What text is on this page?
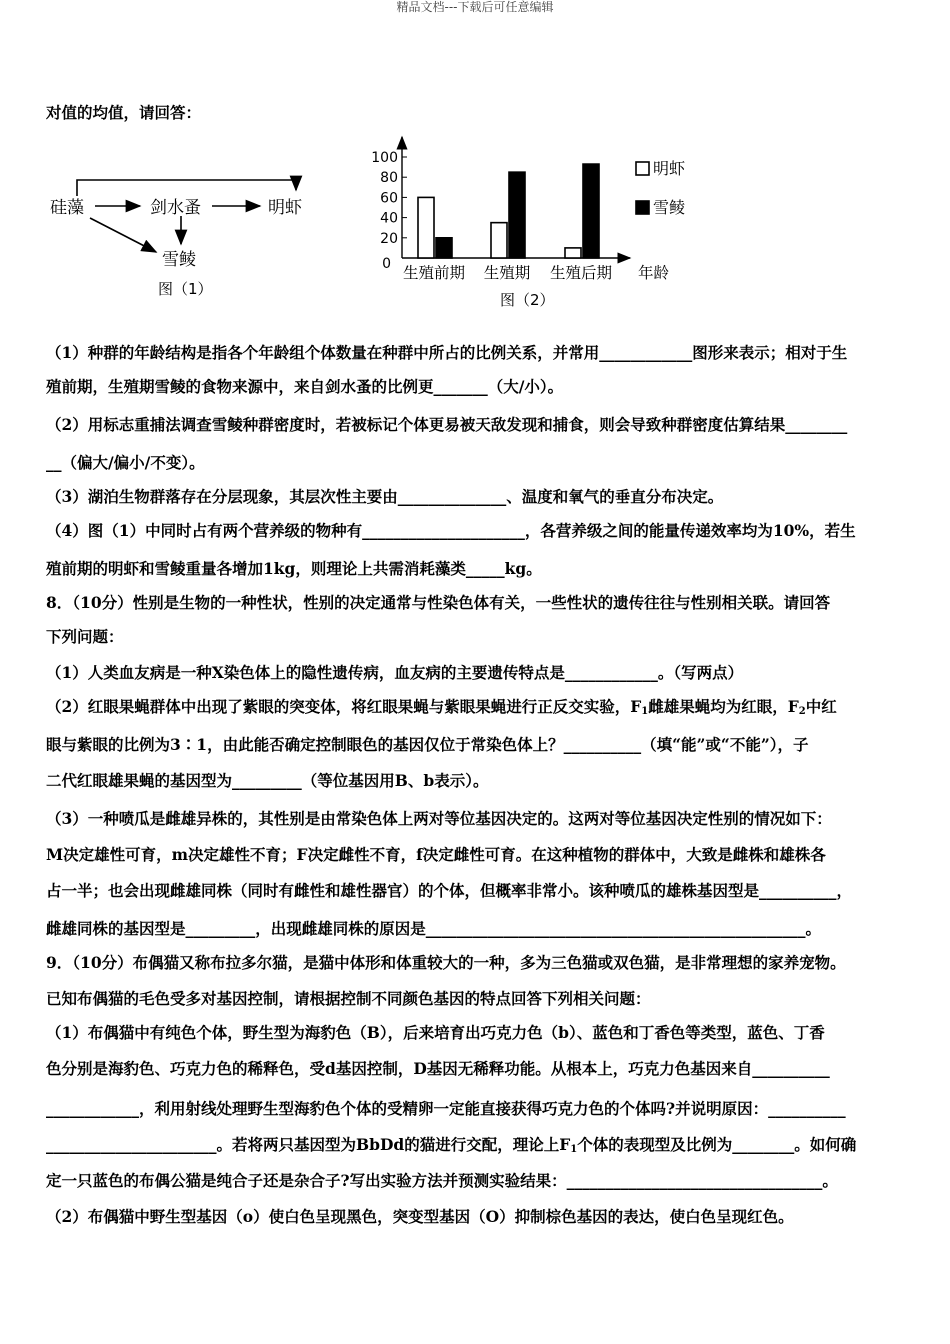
精品文档---下载后可任意编辑
对值的均值，请回答：
硅藻	剑水蚤	明虾
雪鲮
图（1）
100
80
60
40
20
0 生殖前期 生殖期 生殖后期 年龄
明虾
雪鲮
图（2）
（1）种群的年龄结构是指各个年龄组个体数量在种群中所占的比例关系，并常用____________图形来表示；相对于生
殖前期，生殖期雪鲮的食物来源中，来自剑水蚤的比例更_______（大/小）。
（2）用标志重捕法调查雪鲮种群密度时，若被标记个体更易被天敌发现和捕食，则会导致种群密度估算结果________
__（偏大/偏小/不变）。
（3）湖泊生物群落存在分层现象，其层次性主要由______________、温度和氧气的垂直分布决定。
（4）图（1）中同时占有两个营养级的物种有_____________________，各营养级之间的能量传递效率均为10%，若生
殖前期的明虾和雪鲮重量各增加1kg，则理论上共需消耗藻类_____kg。
8．（10分）性别是生物的一种性状，性别的决定通常与性染色体有关，一些性状的遗传往往与性别相关联。请回答
下列问题：
（1）人类血友病是一种X染色体上的隐性遗传病，血友病的主要遗传特点是____________。（写两点）
（2）红眼果蝇群体中出现了紫眼的突变体，将红眼果蝇与紫眼果蝇进行正反交实验，$F_1$雌雄果蝇均为红眼，$F_2$中红
眼与紫眼的比例为3∶1，由此能否确定控制眼色的基因仅位于常染色体上？__________（填“能”或“不能”），子
二代红眼雄果蝇的基因型为_________（等位基因用B、b表示）。
（3）一种喷瓜是雌雄异株的，其性别是由常染色体上两对等位基因决定的。这两对等位基因决定性别的情况如下：
M决定雄性可育，m决定雄性不育；F决定雌性不育，f决定雌性可育。在这种植物的群体中，大致是雌株和雄株各
占一半；也会出现雌雄同株（同时有雌性和雄性器官）的个体，但概率非常小。该种喷瓜的雄株基因型是__________，
雌雄同株的基因型是_________，出现雌雄同株的原因是_________________________________________________。
9．（10分）布偶猫又称布拉多尔猫，是猫中体形和体重较大的一种，多为三色猫或双色猫，是非常理想的家养宠物。
已知布偶猫的毛色受多对基因控制，请根据控制不同颜色基因的特点回答下列相关问题：
（1）布偶猫中有纯色个体，野生型为海豹色（B），后来培育出巧克力色（b）、蓝色和丁香色等类型，蓝色、丁香
色分别是海豹色、巧克力色的稀释色，受d基因控制，D基因无稀释功能。从根本上，巧克力色基因来自__________
____________，利用射线处理野生型海豹色个体的受精卵一定能直接获得巧克力色的个体吗?并说明原因：__________
______________________。若将两只基因型为BbDd的猫进行交配，理论上$F_1$个体的表现型及比例为________。如何确
定一只蓝色的布偶公猫是纯合子还是杂合子?写出实验方法并预测实验结果：_________________________________。
（2）布偶猫中野生型基因（o）使白色呈现黑色，突变型基因（O）抑制棕色基因的表达，使白色呈现红色。
